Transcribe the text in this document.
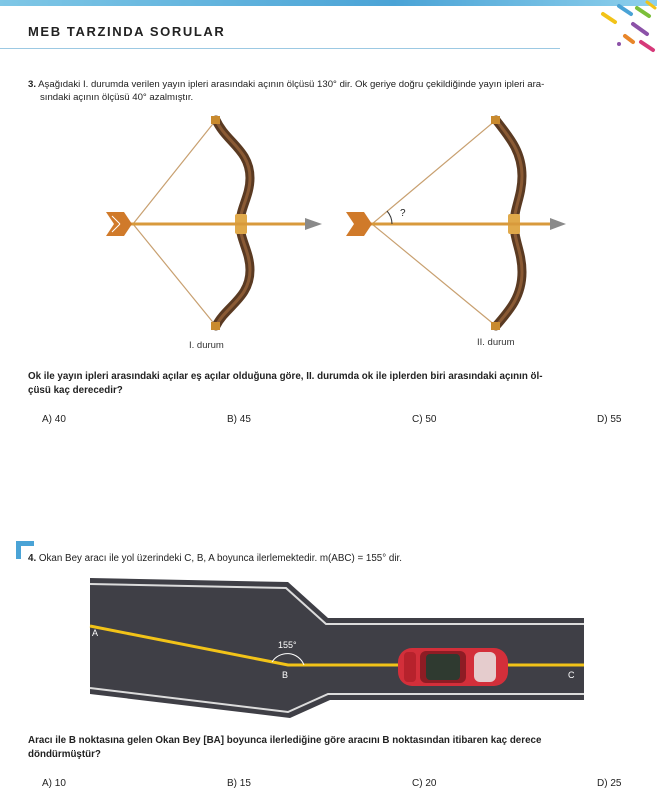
MEB TARZINDA SORULAR
3. Aşağıdaki I. durumda verilen yayın ipleri arasındaki açının ölçüsü 130° dir. Ok geriye doğru çekildiğinde yayın ipleri ara-
sındaki açının ölçüsü 40° azalmıştır.
I. durum
?
II. durum
Ok ile yayın ipleri arasındaki açılar eş açılar olduğuna göre, II. durumda ok ile iplerden biri arasındaki açının öl-
çüsü kaç derecedir?
A) 40	B) 45	C) 50	D) 55
4. Okan Bey aracı ile yol üzerindeki C, B, A boyunca ilerlemektedir. m(ABC) = 155° dir.
155°
A
B	C
Aracı ile B noktasına gelen Okan Bey [BA] boyunca ilerlediğine göre aracını B noktasından itibaren kaç derece
döndürmüştür?
A) 10	B) 15	C) 20	D) 25
